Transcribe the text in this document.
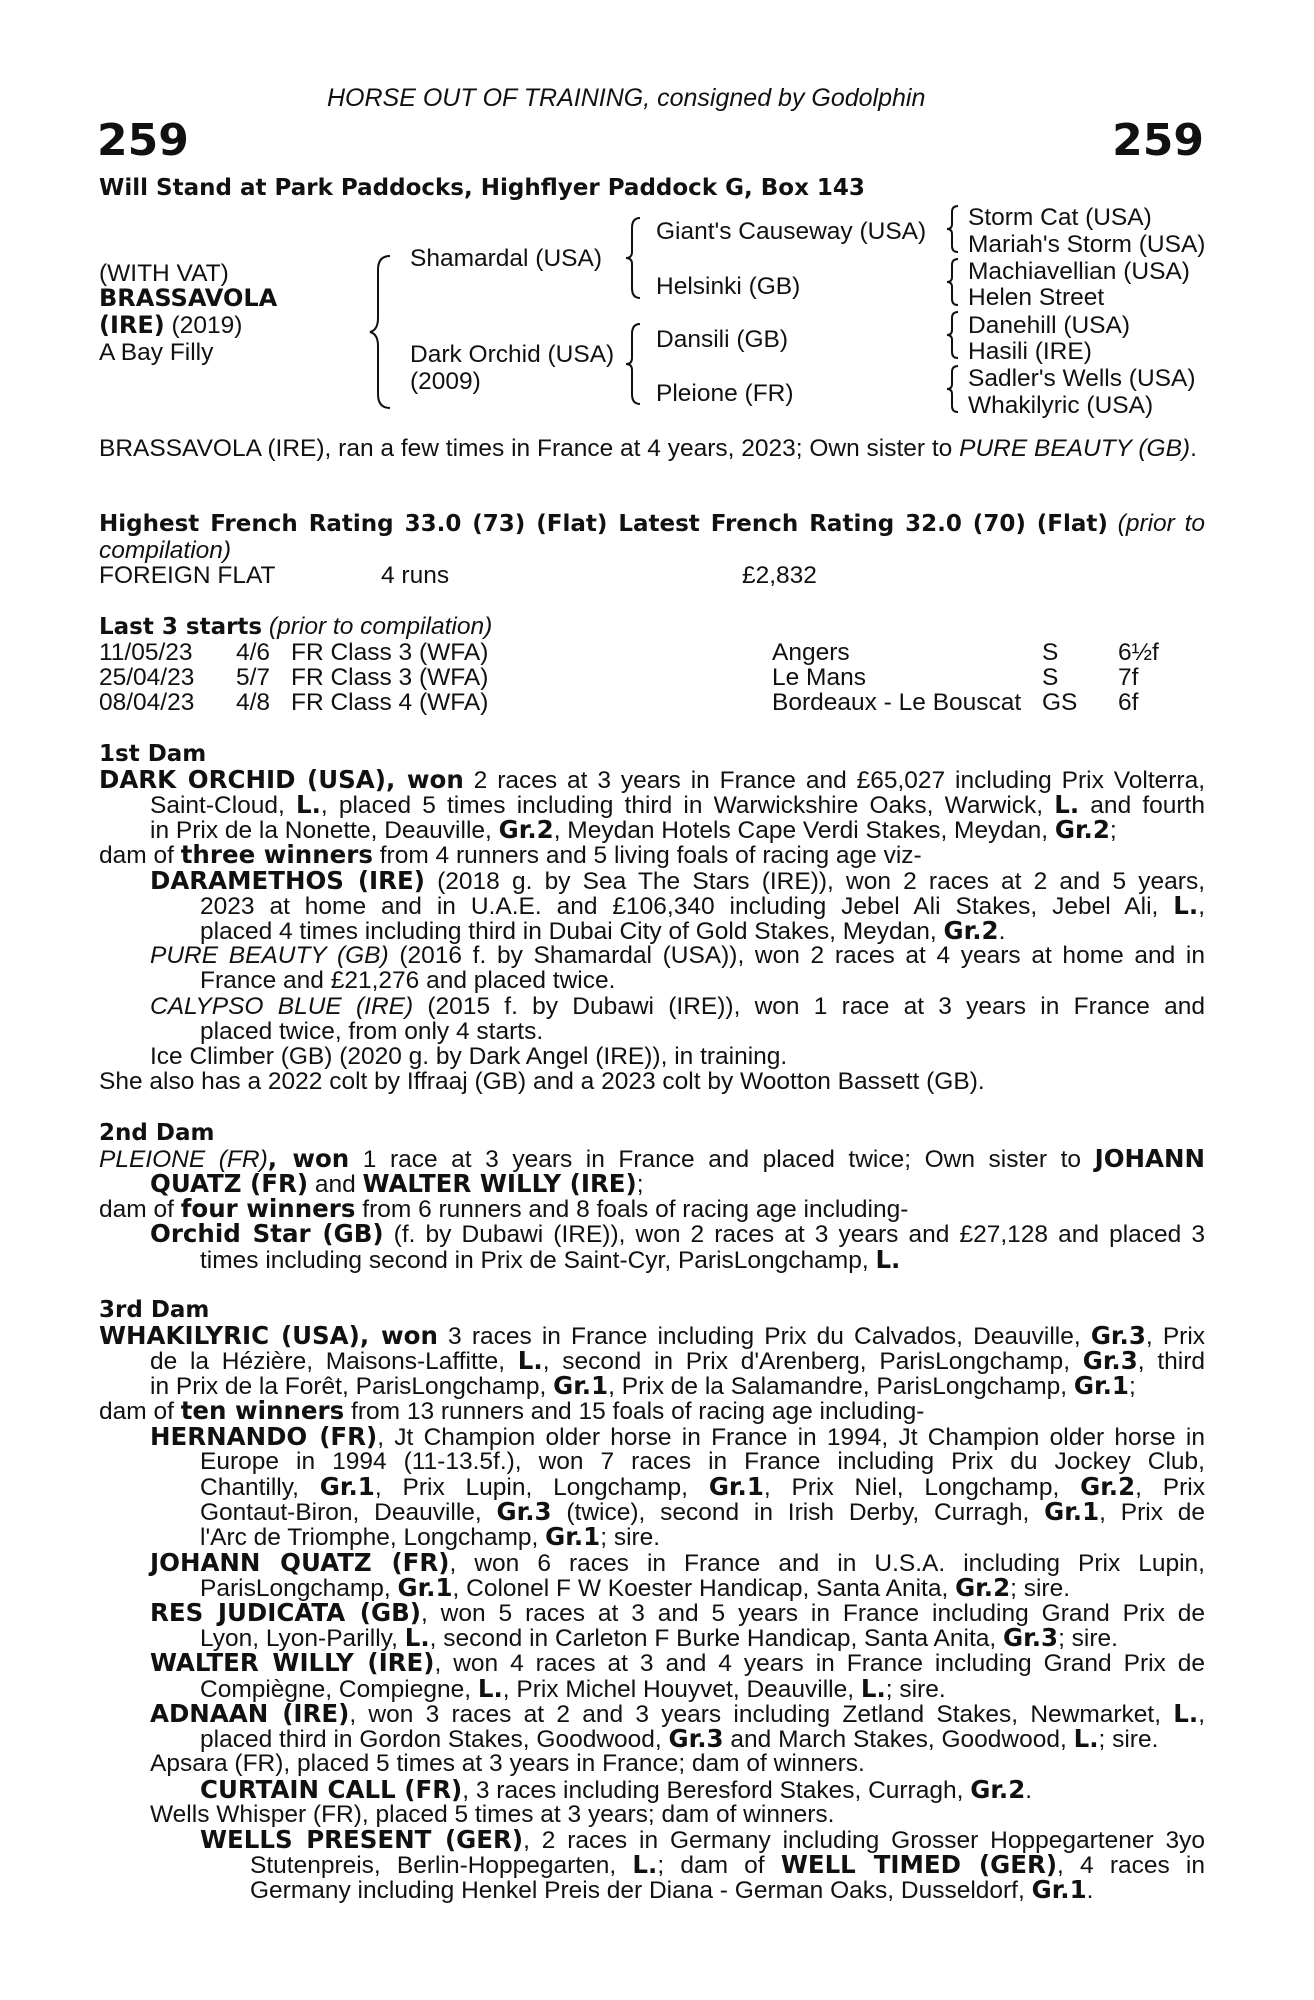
HORSE OUT OF TRAINING, consigned by Godolphin
259	259
Will Stand at Park Paddocks, Highflyer Paddock G, Box 143
(WITH VAT)
BRASSAVOLA
(IRE) (2019)
A Bay Filly
Shamardal (USA)
Dark Orchid (USA)
(2009)
Giant's Causeway (USA)
Helsinki (GB)
Dansili (GB)
Pleione (FR)
Storm Cat (USA)
Mariah's Storm (USA)
Machiavellian (USA)
Helen Street
Danehill (USA)
Hasili (IRE)
Sadler's Wells (USA)
Whakilyric (USA)
BRASSAVOLA (IRE), ran a few times in France at 4 years, 2023; Own sister to PURE BEAUTY (GB).
Highest French Rating 33.0 (73) (Flat) Latest French Rating 32.0 (70) (Flat) (prior to compilation)
FOREIGN FLAT	4 runs	£2,832
Last 3 starts (prior to compilation)
11/05/23 4/6 FR Class 3 (WFA)	Angers	S 6½f
25/04/23 5/7 FR Class 3 (WFA)	Le Mans	S 7f
08/04/23 4/8 FR Class 4 (WFA)	Bordeaux - Le Bouscat GS 6f
1st Dam
DARK ORCHID (USA), won 2 races at 3 years in France and £65,027 including Prix Volterra,
Saint-Cloud, L., placed 5 times including third in Warwickshire Oaks, Warwick, L. and fourth
in Prix de la Nonette, Deauville, Gr.2, Meydan Hotels Cape Verdi Stakes, Meydan, Gr.2;
dam of three winners from 4 runners and 5 living foals of racing age viz-
DARAMETHOS (IRE) (2018 g. by Sea The Stars (IRE)), won 2 races at 2 and 5 years,
2023 at home and in U.A.E. and £106,340 including Jebel Ali Stakes, Jebel Ali, L.,
placed 4 times including third in Dubai City of Gold Stakes, Meydan, Gr.2.
PURE BEAUTY (GB) (2016 f. by Shamardal (USA)), won 2 races at 4 years at home and in
France and £21,276 and placed twice.
CALYPSO BLUE (IRE) (2015 f. by Dubawi (IRE)), won 1 race at 3 years in France and
placed twice, from only 4 starts.
Ice Climber (GB) (2020 g. by Dark Angel (IRE)), in training.
She also has a 2022 colt by Iffraaj (GB) and a 2023 colt by Wootton Bassett (GB).
2nd Dam
PLEIONE (FR), won 1 race at 3 years in France and placed twice; Own sister to JOHANN
QUATZ (FR) and WALTER WILLY (IRE);
dam of four winners from 6 runners and 8 foals of racing age including-
Orchid Star (GB) (f. by Dubawi (IRE)), won 2 races at 3 years and £27,128 and placed 3
times including second in Prix de Saint-Cyr, ParisLongchamp, L.
3rd Dam
WHAKILYRIC (USA), won 3 races in France including Prix du Calvados, Deauville, Gr.3, Prix
de la Hézière, Maisons-Laffitte, L., second in Prix d'Arenberg, ParisLongchamp, Gr.3, third
in Prix de la Forêt, ParisLongchamp, Gr.1, Prix de la Salamandre, ParisLongchamp, Gr.1;
dam of ten winners from 13 runners and 15 foals of racing age including-
HERNANDO (FR), Jt Champion older horse in France in 1994, Jt Champion older horse in
Europe in 1994 (11-13.5f.), won 7 races in France including Prix du Jockey Club,
Chantilly, Gr.1, Prix Lupin, Longchamp, Gr.1, Prix Niel, Longchamp, Gr.2, Prix
Gontaut-Biron, Deauville, Gr.3 (twice), second in Irish Derby, Curragh, Gr.1, Prix de
l'Arc de Triomphe, Longchamp, Gr.1; sire.
JOHANN QUATZ (FR), won 6 races in France and in U.S.A. including Prix Lupin,
ParisLongchamp, Gr.1, Colonel F W Koester Handicap, Santa Anita, Gr.2; sire.
RES JUDICATA (GB), won 5 races at 3 and 5 years in France including Grand Prix de
Lyon, Lyon-Parilly, L., second in Carleton F Burke Handicap, Santa Anita, Gr.3; sire.
WALTER WILLY (IRE), won 4 races at 3 and 4 years in France including Grand Prix de
Compiègne, Compiegne, L., Prix Michel Houyvet, Deauville, L.; sire.
ADNAAN (IRE), won 3 races at 2 and 3 years including Zetland Stakes, Newmarket, L.,
placed third in Gordon Stakes, Goodwood, Gr.3 and March Stakes, Goodwood, L.; sire.
Apsara (FR), placed 5 times at 3 years in France; dam of winners.
CURTAIN CALL (FR), 3 races including Beresford Stakes, Curragh, Gr.2.
Wells Whisper (FR), placed 5 times at 3 years; dam of winners.
WELLS PRESENT (GER), 2 races in Germany including Grosser Hoppegartener 3yo
Stutenpreis, Berlin-Hoppegarten, L.; dam of WELL TIMED (GER), 4 races in
Germany including Henkel Preis der Diana - German Oaks, Dusseldorf, Gr.1.
